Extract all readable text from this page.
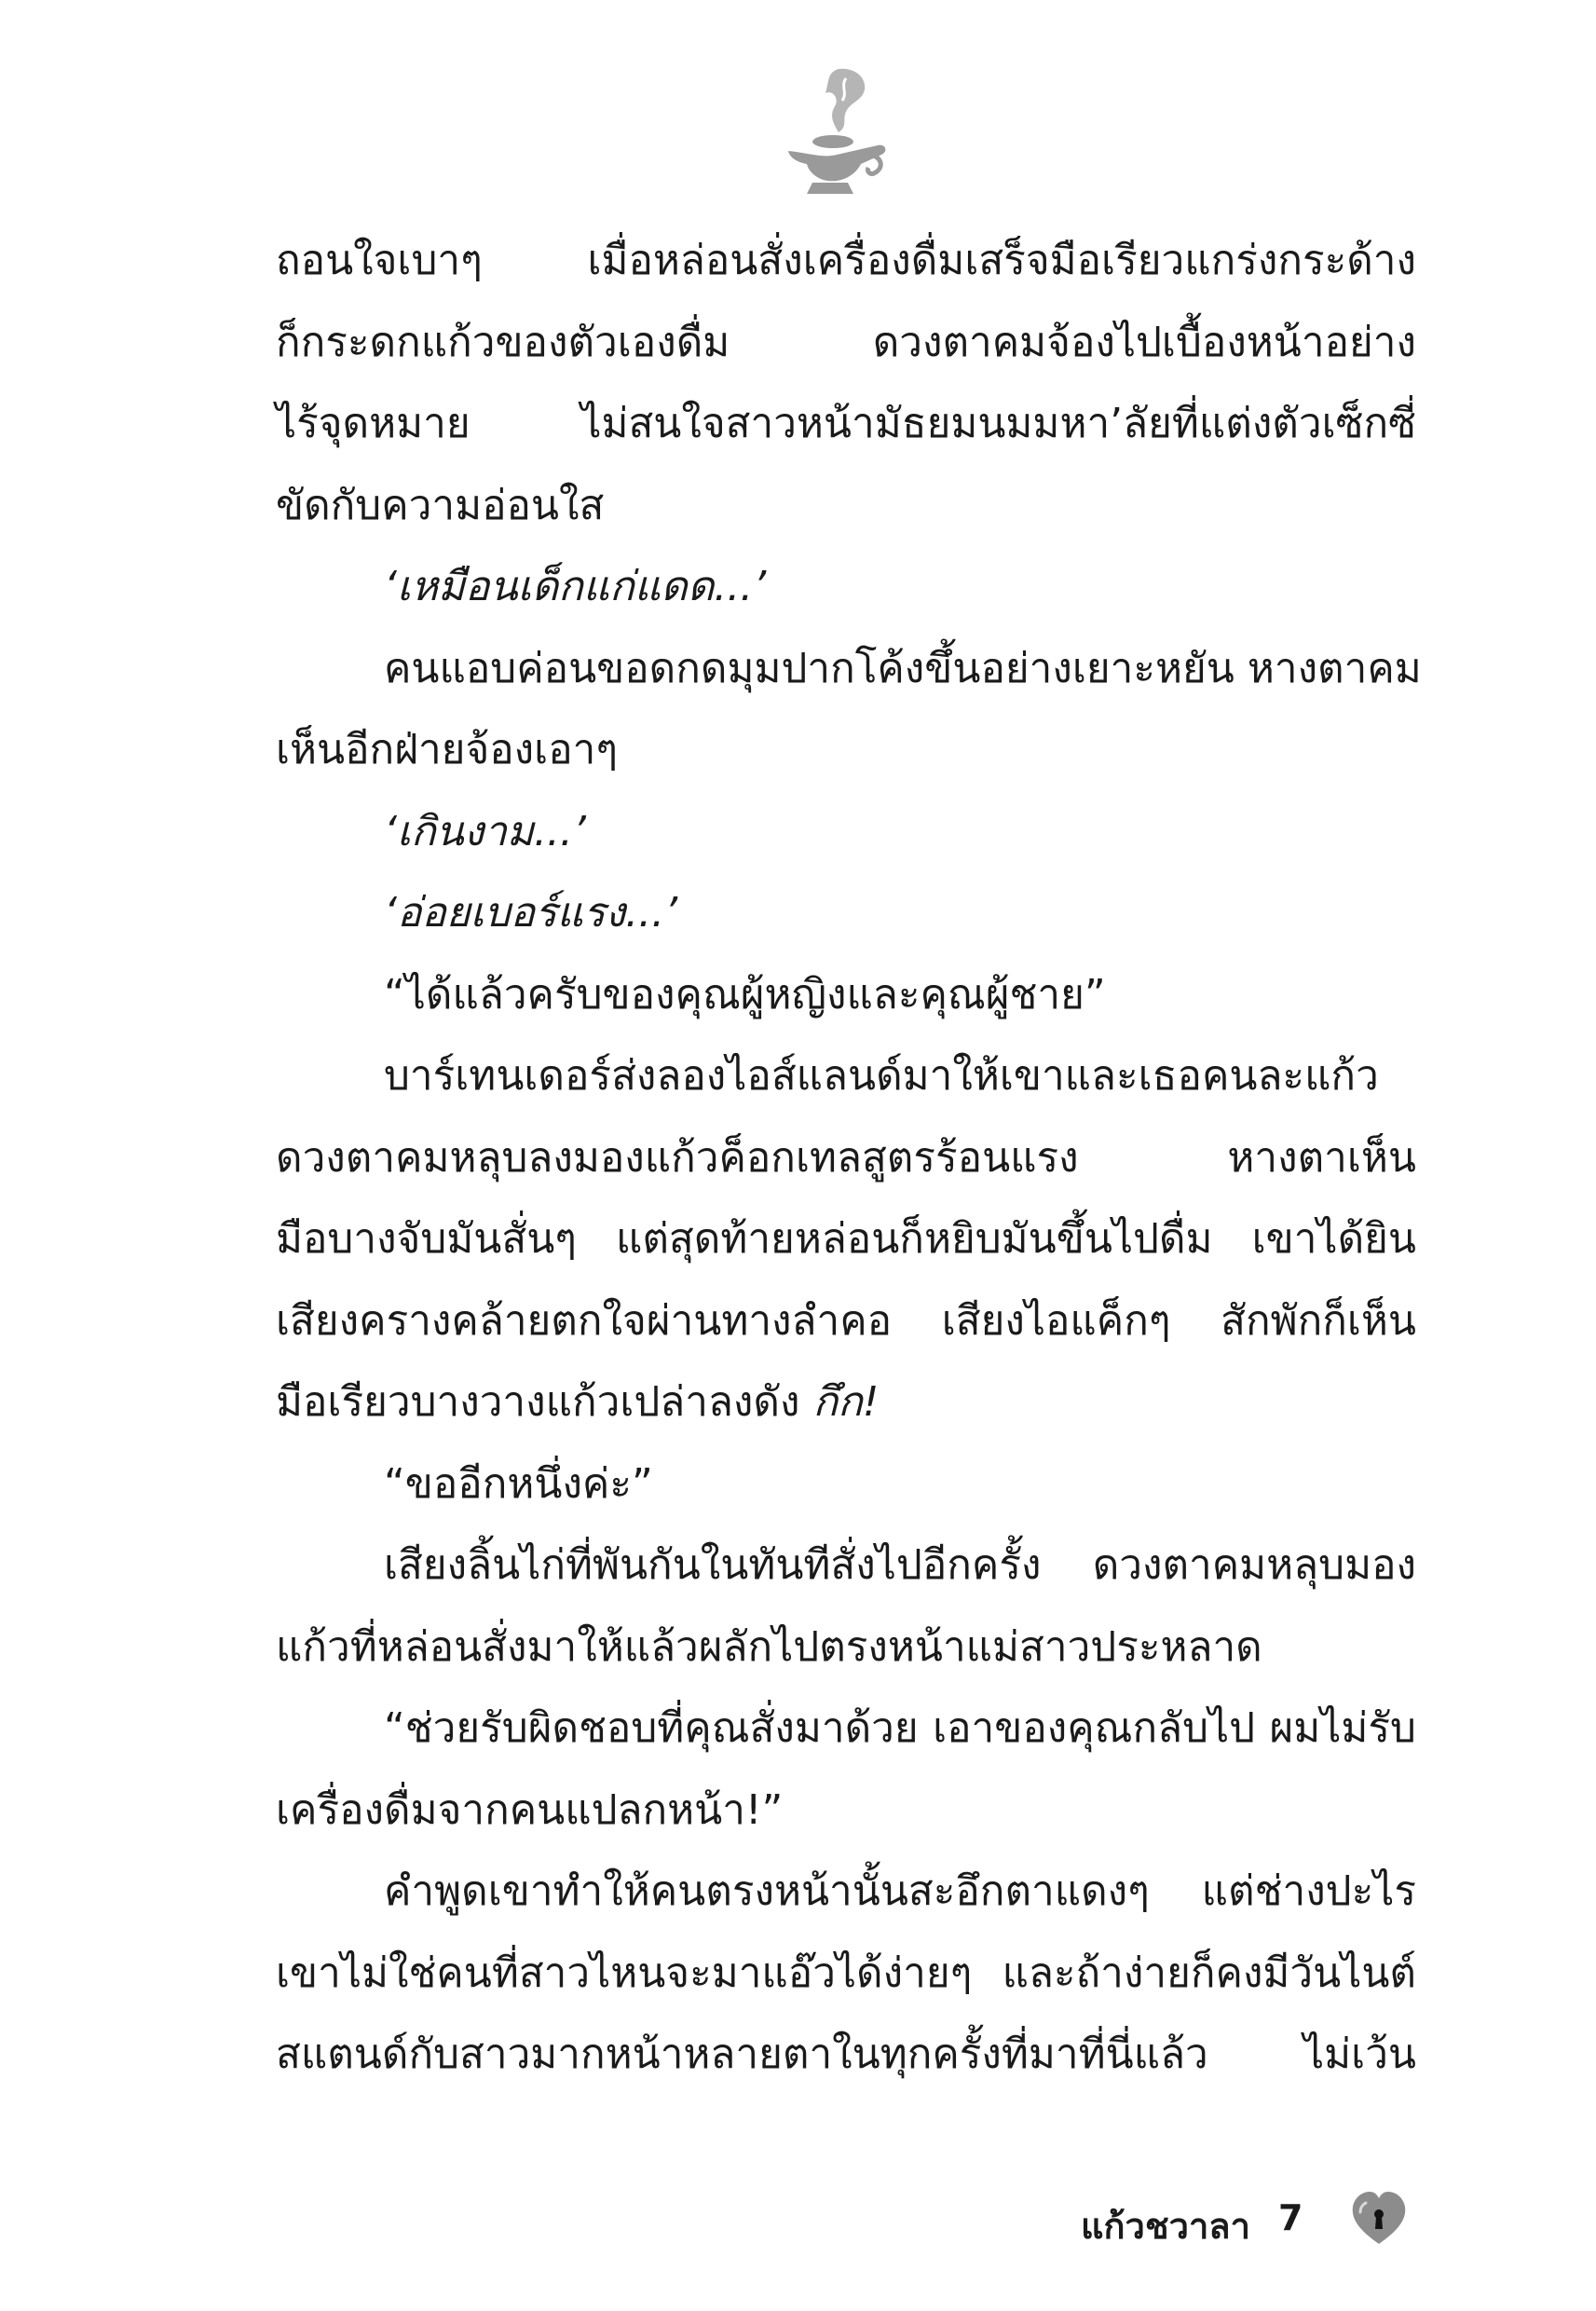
ถอนใจเบาๆ เมื่อหล่อนสั่งเครื่องดื่มเสร็จมือเรียวแกร่งกระด้าง

ก็กระดกแก้วของตัวเองดื่ม ดวงตาคมจ้องไปเบื้องหน้าอย่าง

ไร้จุดหมาย ไม่สนใจสาวหน้ามัธยมนมมหา’ลัยที่แต่งตัวเซ็กซี่

ขัดกับความอ่อนใส

‘เหมือนเด็กแก่แดด...’

คนแอบค่อนขอดกดมุมปากโค้งขึ้นอย่างเยาะหยัน หางตาคม

เห็นอีกฝ่ายจ้องเอาๆ

‘เกินงาม...’

‘อ่อยเบอร์แรง...’

“ได้แล้วครับของคุณผู้หญิงและคุณผู้ชาย”

บาร์เทนเดอร์ส่งลองไอส์แลนด์มาให้เขาและเธอคนละแก้ว

ดวงตาคมหลุบลงมองแก้วค็อกเทลสูตรร้อนแรง หางตาเห็น

มือบางจับมันสั่นๆ แต่สุดท้ายหล่อนก็หยิบมันขึ้นไปดื่ม เขาได้ยิน

เสียงครางคล้ายตกใจผ่านทางลำคอ เสียงไอแค็กๆ สักพักก็เห็น

มือเรียวบางวางแก้วเปล่าลงดัง กึก!

“ขออีกหนึ่งค่ะ”

เสียงลิ้นไก่ที่พันกันในทันทีสั่งไปอีกครั้ง ดวงตาคมหลุบมอง

แก้วที่หล่อนสั่งมาให้แล้วผลักไปตรงหน้าแม่สาวประหลาด

“ช่วยรับผิดชอบที่คุณสั่งมาด้วย เอาของคุณกลับไป ผมไม่รับ

เครื่องดื่มจากคนแปลกหน้า!”

คำพูดเขาทำให้คนตรงหน้านั้นสะอึกตาแดงๆ แต่ช่างปะไร

เขาไม่ใช่คนที่สาวไหนจะมาแอ๊วได้ง่ายๆ และถ้าง่ายก็คงมีวันไนต์

สแตนด์กับสาวมากหน้าหลายตาในทุกครั้งที่มาที่นี่แล้ว ไม่เว้น

แก้วชวาลา 7
